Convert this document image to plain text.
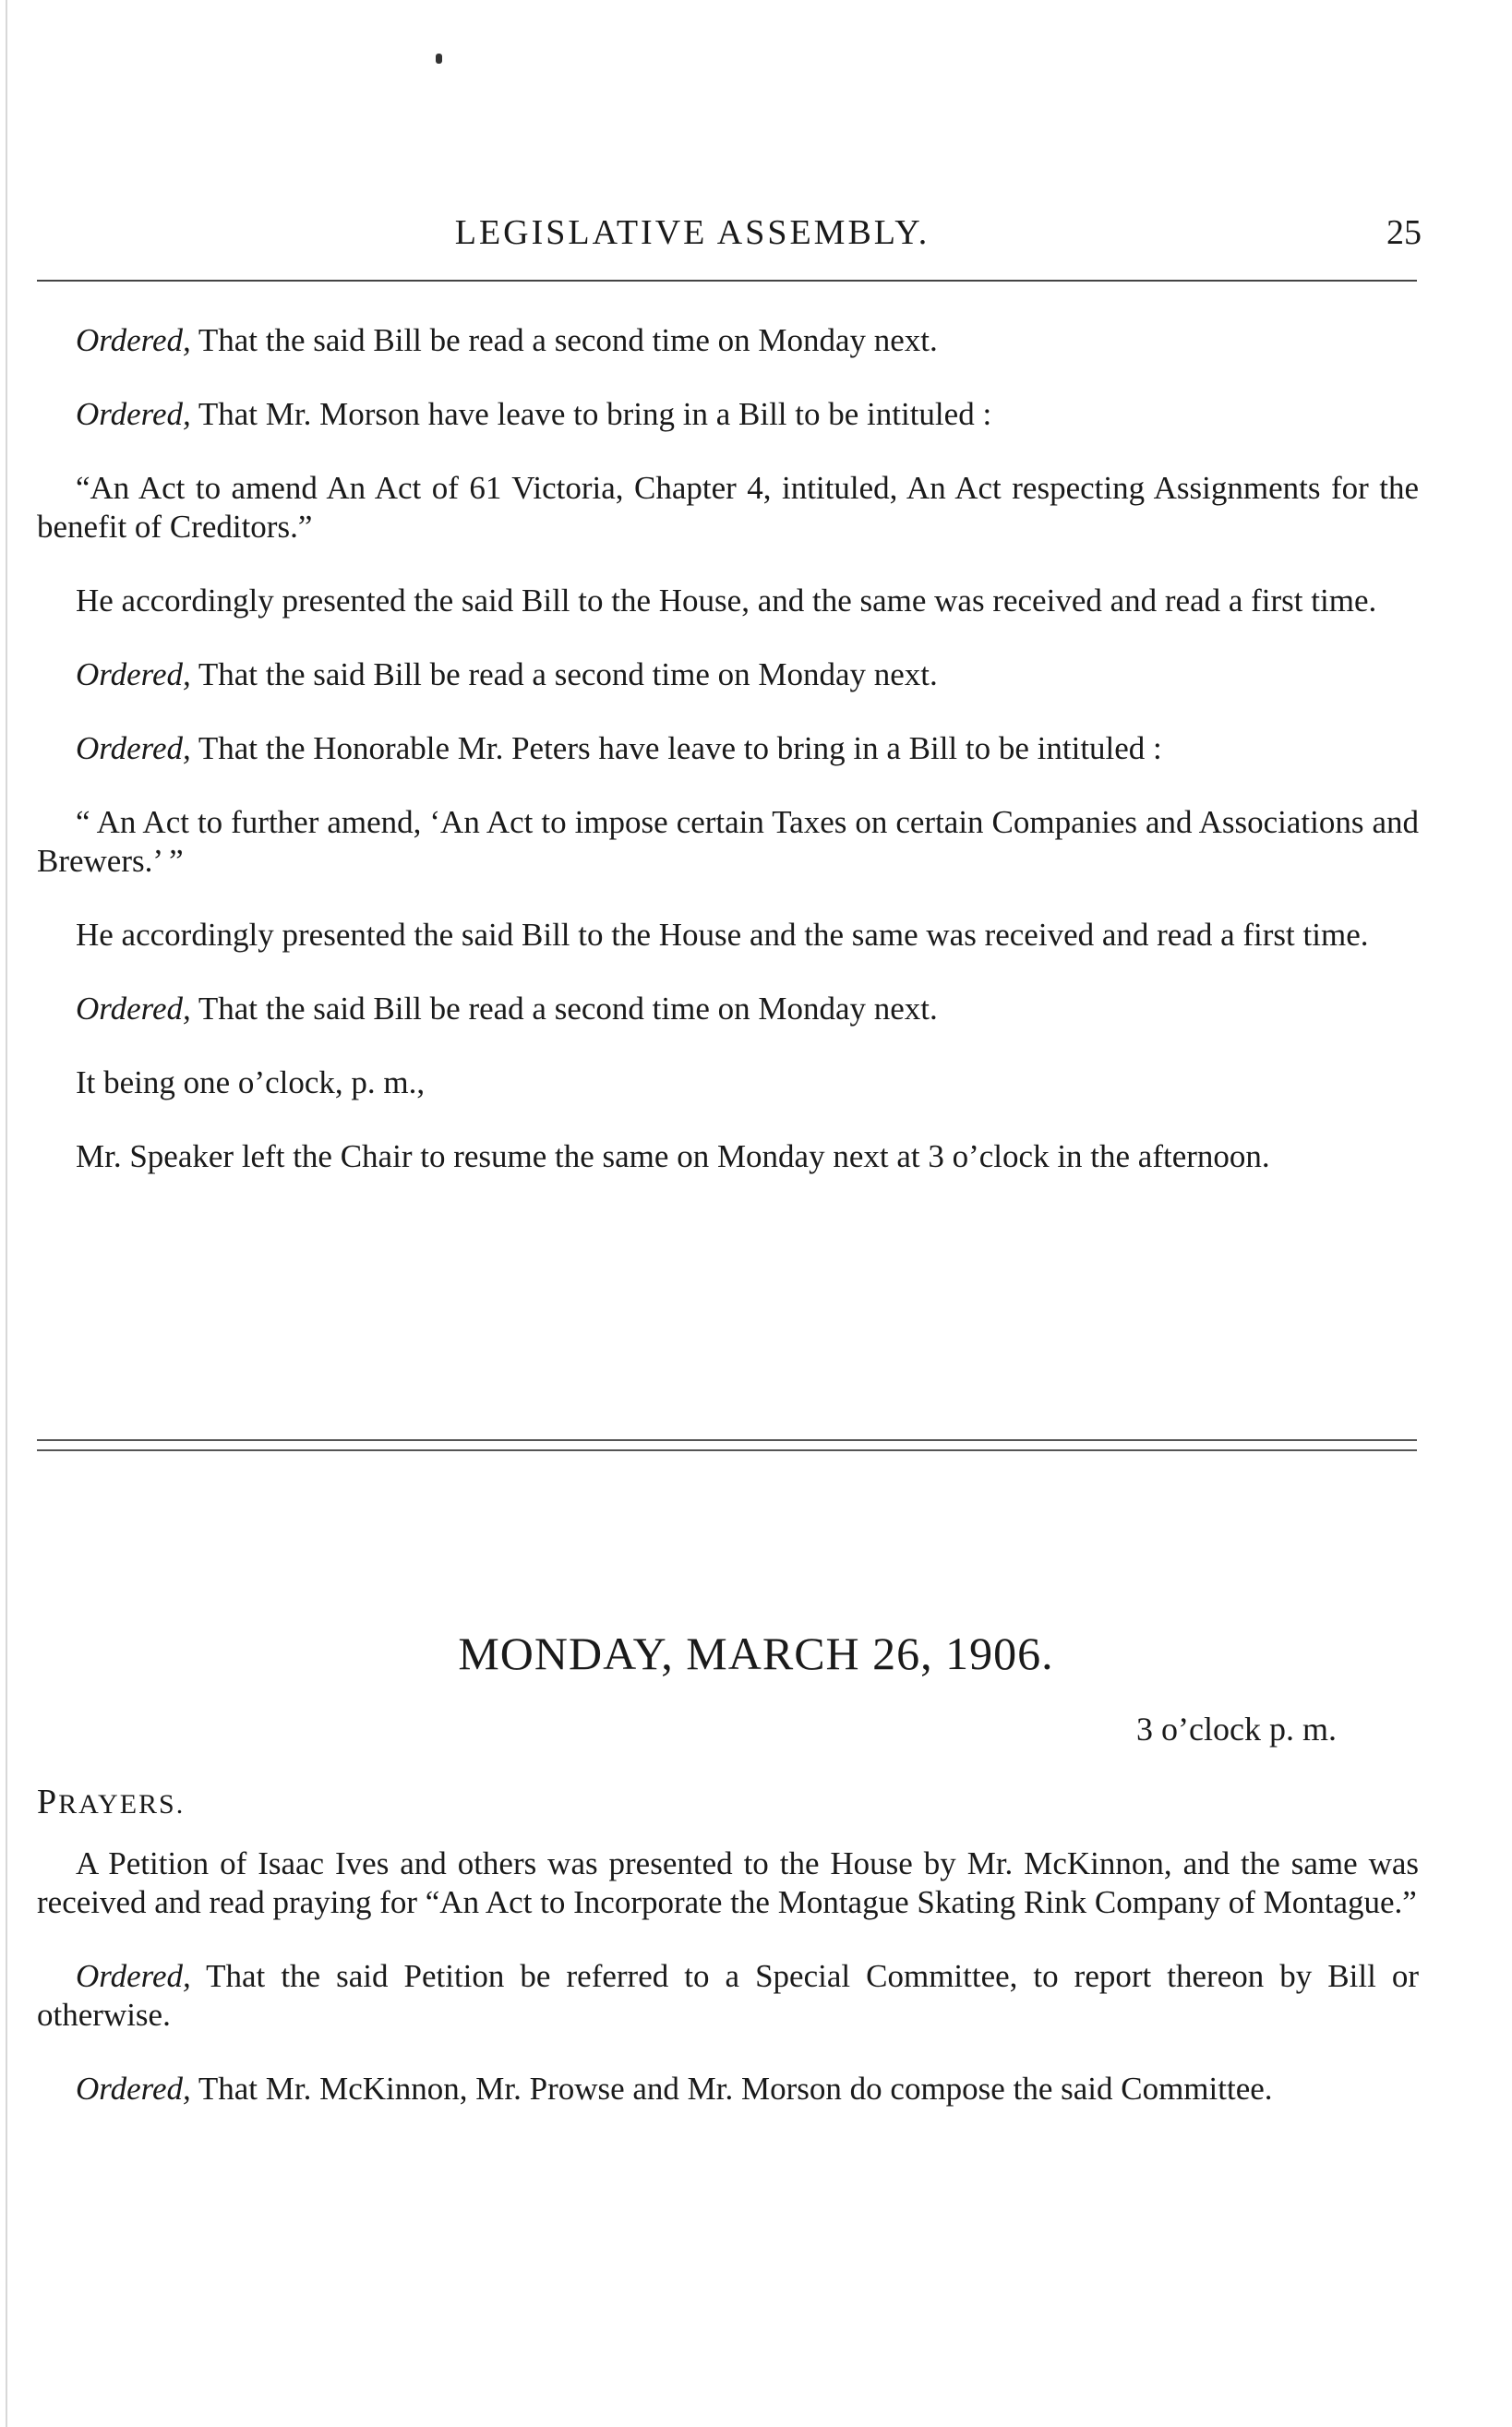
LEGISLATIVE ASSEMBLY.	25

Ordered, That the said Bill be read a second time on Monday next.

Ordered, That Mr. Morson have leave to bring in a Bill to be intituled :

“An Act to amend An Act of 61 Victoria, Chapter 4, intituled, An Act respecting Assignments for the benefit of Creditors.”

He accordingly presented the said Bill to the House, and the same was received and read a first time.

Ordered, That the said Bill be read a second time on Monday next.

Ordered, That the Honorable Mr. Peters have leave to bring in a Bill to be intituled :

“ An Act to further amend, ‘An Act to impose certain Taxes on certain Companies and Associations and Brewers.’ ”

He accordingly presented the said Bill to the House and the same was received and read a first time.

Ordered, That the said Bill be read a second time on Monday next.

It being one o’clock, p. m.,

Mr. Speaker left the Chair to resume the same on Monday next at 3 o’clock in the afternoon.

MONDAY, MARCH 26, 1906.
3 o’clock p. m.
PRAYERS.

A Petition of Isaac Ives and others was presented to the House by Mr. McKinnon, and the same was received and read praying for “An Act to Incorporate the Montague Skating Rink Company of Montague.”

Ordered, That the said Petition be referred to a Special Committee, to report thereon by Bill or otherwise.

Ordered, That Mr. McKinnon, Mr. Prowse and Mr. Morson do compose the said Committee.
